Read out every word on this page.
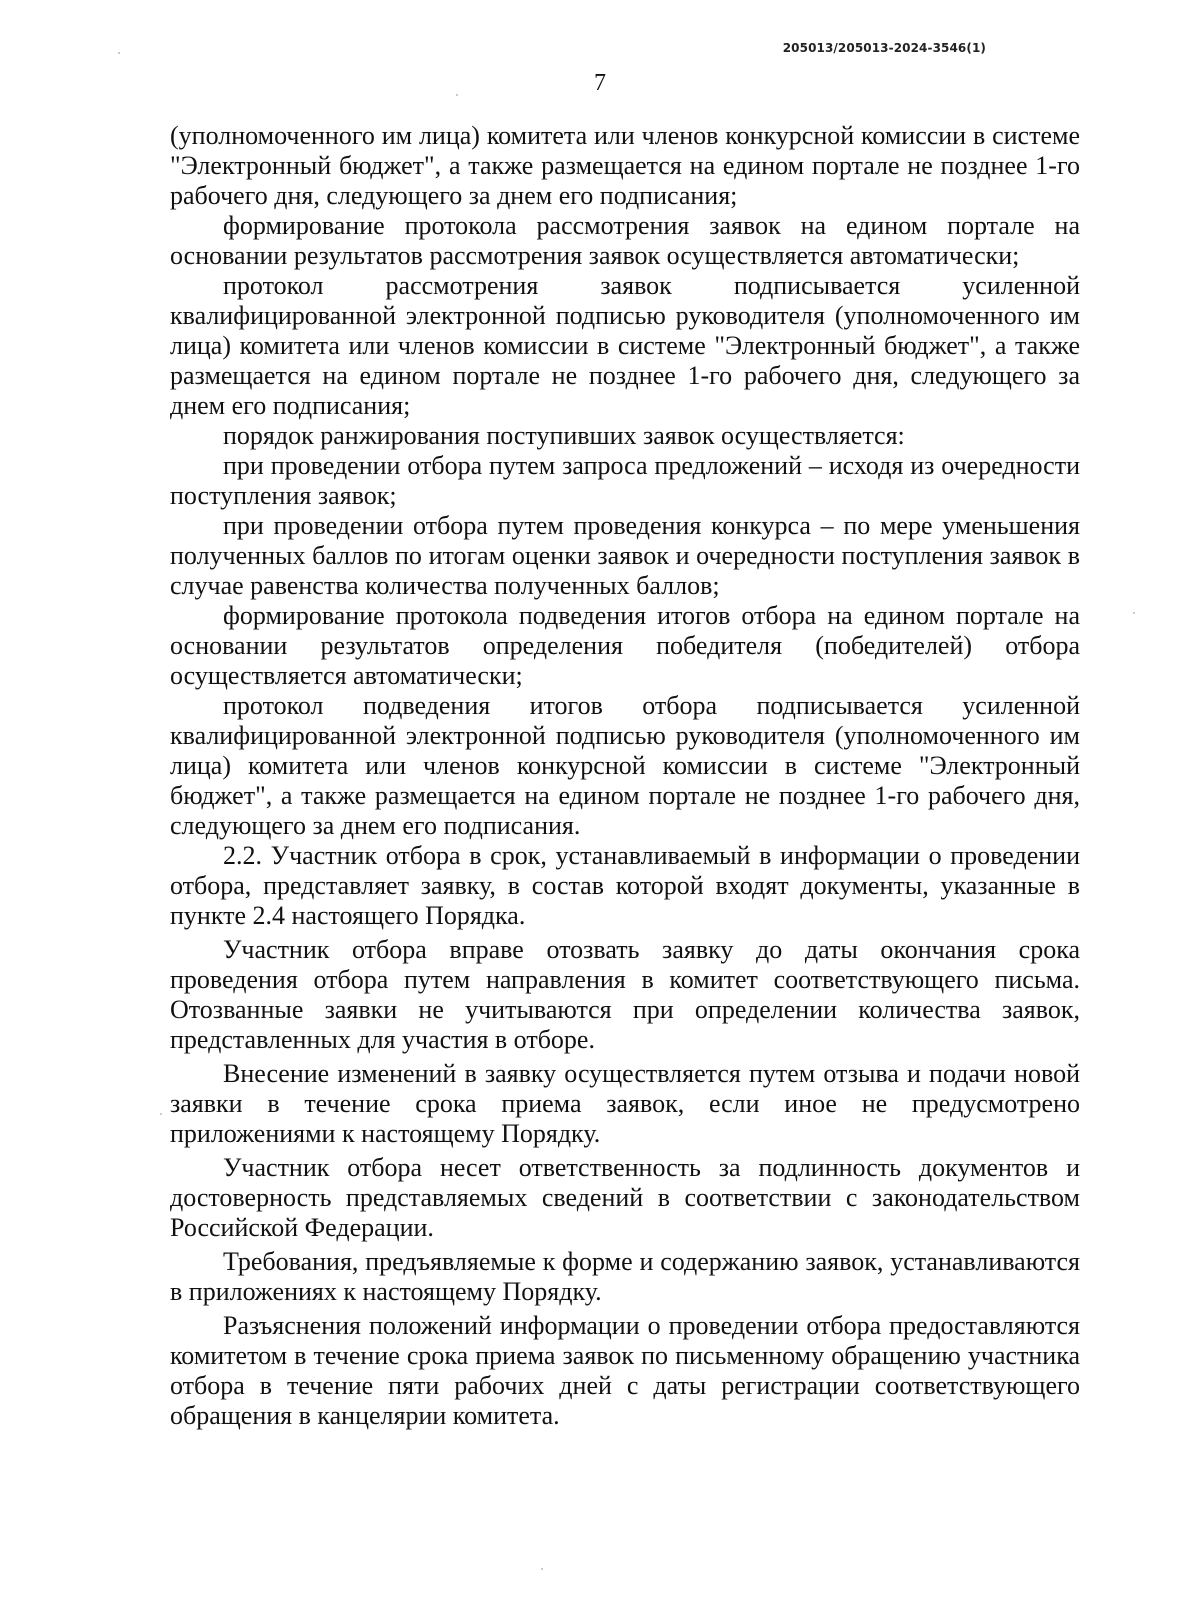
205013/205013-2024-3546(1)
7

(уполномоченного им лица) комитета или членов конкурсной комиссии в системе "Электронный бюджет", а также размещается на едином портале не позднее 1-го рабочего дня, следующего за днем его подписания;

формирование протокола рассмотрения заявок на едином портале на основании результатов рассмотрения заявок осуществляется автоматически;

протокол рассмотрения заявок подписывается усиленной квалифицированной электронной подписью руководителя (уполномоченного им лица) комитета или членов комиссии в системе "Электронный бюджет", а также размещается на едином портале не позднее 1-го рабочего дня, следующего за днем его подписания;

порядок ранжирования поступивших заявок осуществляется:

при проведении отбора путем запроса предложений – исходя из очередности поступления заявок;

при проведении отбора путем проведения конкурса – по мере уменьшения полученных баллов по итогам оценки заявок и очередности поступления заявок в случае равенства количества полученных баллов;

формирование протокола подведения итогов отбора на едином портале на основании результатов определения победителя (победителей) отбора осуществляется автоматически;

протокол подведения итогов отбора подписывается усиленной квалифицированной электронной подписью руководителя (уполномоченного им лица) комитета или членов конкурсной комиссии в системе "Электронный бюджет", а также размещается на едином портале не позднее 1-го рабочего дня, следующего за днем его подписания.

2.2. Участник отбора в срок, устанавливаемый в информации о проведении отбора, представляет заявку, в состав которой входят документы, указанные в пункте 2.4 настоящего Порядка.

Участник отбора вправе отозвать заявку до даты окончания срока проведения отбора путем направления в комитет соответствующего письма. Отозванные заявки не учитываются при определении количества заявок, представленных для участия в отборе.

Внесение изменений в заявку осуществляется путем отзыва и подачи новой заявки в течение срока приема заявок, если иное не предусмотрено приложениями к настоящему Порядку.

Участник отбора несет ответственность за подлинность документов и достоверность представляемых сведений в соответствии с законодательством Российской Федерации.

Требования, предъявляемые к форме и содержанию заявок, устанавливаются в приложениях к настоящему Порядку.

Разъяснения положений информации о проведении отбора предоставляются комитетом в течение срока приема заявок по письменному обращению участника отбора в течение пяти рабочих дней с даты регистрации соответствующего обращения в канцелярии комитета.
